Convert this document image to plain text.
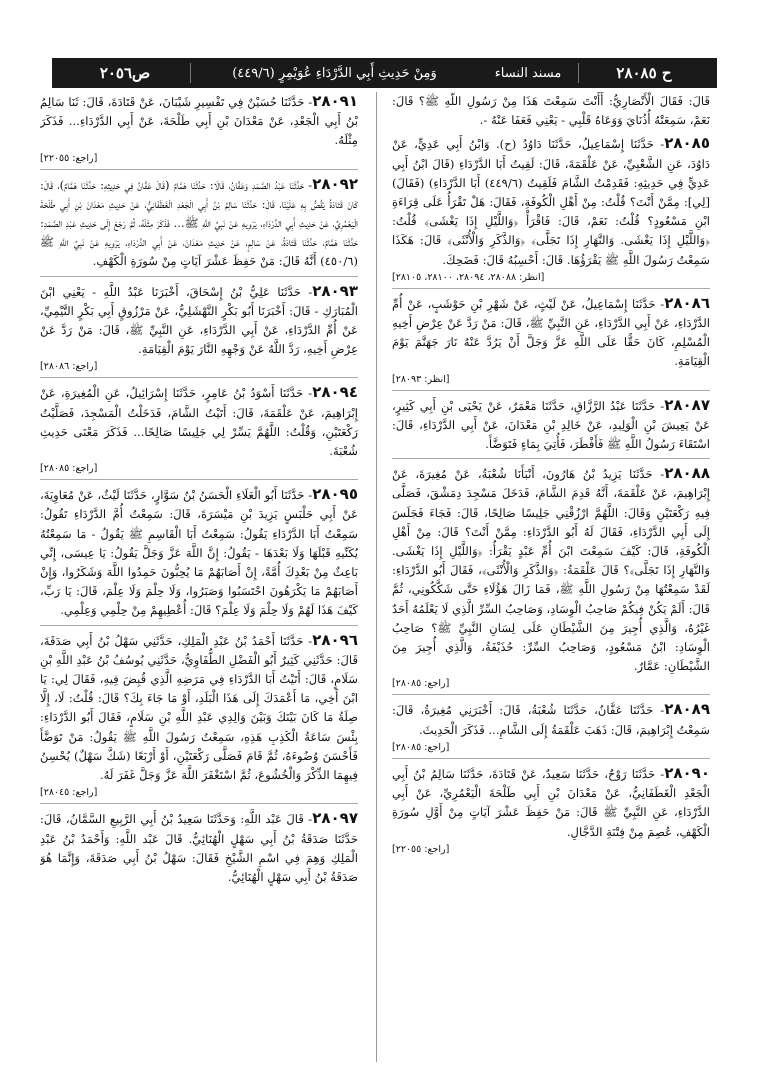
ح ٢٨٠٨٥
مسند النساء
وَمِنْ حَدِيثِ أَبِي الدَّرْدَاءِ عُوَيْمِرٍ (٤٤٩/٦)
ص٢٠٥٦
قَالَ: فَقَالَ الْأَنْصَارِيُّ: أَأَنْتَ سَمِعْتَ هَذَا مِنْ رَسُولِ اللَّهِ ﷺ؟ قَالَ: نَعَمْ، سَمِعَتْهُ أُذُنَايَ وَوَعَاهُ قَلْبِي - يَعْنِي فَعَفَا عَنْهُ -.
٢٨٠٨٥- حَدَّثَنَا إِسْمَاعِيلُ، حَدَّثَنَا دَاوُدُ (ح). وَابْنُ أَبِي عَدِيٍّ، عَنْ دَاوُدَ، عَنِ الشَّعْبِيِّ، عَنْ عَلْقَمَةَ، قَالَ: لَقِيتُ أَبَا الدَّرْدَاءِ (قَالَ ابْنُ أَبِي عَدِيٍّ فِي حَدِيثِهِ: فَقَدِمْتُ الشَّامَ فَلَقِيتُ (٤٤٩/٦) أَبَا الدَّرْدَاءِ) (فَقَالَ) [لِي]: مِمَّنْ أَنْتَ؟ قُلْتُ: مِنْ أَهْلِ الْكُوفَةِ، فَقَالَ: هَلْ تَقْرَأُ عَلَى قِرَاءَةِ ابْنِ مَسْعُودٍ؟ قُلْتُ: نَعَمْ، قَالَ: فَاقْرَأْ ﴿وَاللَّيْلِ إِذَا يَغْشَى﴾ قُلْتُ: ﴿وَاللَّيْلِ إِذَا يَغْشَى. وَالنَّهَارِ إِذَا تَجَلَّى﴾ ﴿وَالذَّكَرِ وَالْأُنْثَى﴾ قَالَ: هَكَذَا سَمِعْتُ رَسُولَ اللَّهِ ﷺ يَقْرَؤُهَا. قَالَ: أَحْسِبُهُ قَالَ: فَضَحِكَ.
[انظر: ٢٨٠٨٨، ٢٨٠٩٤، ٢٨١٠٠، ٢٨١٠٥]
٢٨٠٨٦- حَدَّثَنَا إِسْمَاعِيلُ، عَنْ لَيْثٍ، عَنْ شَهْرِ بْنِ حَوْشَبٍ، عَنْ أُمِّ الدَّرْدَاءِ، عَنْ أَبِي الدَّرْدَاءِ، عَنِ النَّبِيِّ ﷺ، قَالَ: مَنْ رَدَّ عَنْ عِرْضِ أَخِيهِ الْمُسْلِمِ، كَانَ حَقًّا عَلَى اللَّهِ عَزَّ وَجَلَّ أَنْ يَرُدَّ عَنْهُ نَارَ جَهَنَّمَ يَوْمَ الْقِيَامَةِ.
[انظر: ٢٨٠٩٣]
٢٨٠٨٧- حَدَّثَنَا عَبْدُ الرَّزَّاقِ، حَدَّثَنَا مَعْمَرٌ، عَنْ يَحْيَى بْنِ أَبِي كَثِيرٍ، عَنْ يَعِيشَ بْنِ الْوَلِيدِ، عَنْ خَالِدِ بْنِ مَعْدَانَ، عَنْ أَبِي الدَّرْدَاءِ، قَالَ: اسْتَقَاءَ رَسُولُ اللَّهِ ﷺ فَأَفْطَرَ، فَأُتِيَ بِمَاءٍ فَتَوَضَّأَ.
٢٨٠٨٨- حَدَّثَنَا يَزِيدُ بْنُ هَارُونَ، أَنْبَأَنَا شُعْبَةُ، عَنْ مُغِيرَةَ، عَنْ إِبْرَاهِيمَ، عَنْ عَلْقَمَةَ، أَنَّهُ قَدِمَ الشَّامَ، فَدَخَلَ مَسْجِدَ دِمَشْقَ، فَصَلَّى فِيهِ رَكْعَتَيْنِ وَقَالَ: اللَّهُمَّ ارْزُقْنِي جَلِيسًا صَالِحًا، قَالَ: فَجَاءَ فَجَلَسَ إِلَى أَبِي الدَّرْدَاءِ، فَقَالَ لَهُ أَبُو الدَّرْدَاءِ: مِمَّنْ أَنْتَ؟ قَالَ: مِنْ أَهْلِ الْكُوفَةِ، قَالَ: كَيْفَ سَمِعْتَ ابْنَ أُمِّ عَبْدٍ يَقْرَأُ: ﴿وَاللَّيْلِ إِذَا يَغْشَى. وَالنَّهَارِ إِذَا تَجَلَّى﴾؟ قَالَ عَلْقَمَةُ: ﴿وَالذَّكَرِ وَالْأُنْثَى﴾، فَقَالَ أَبُو الدَّرْدَاءِ: لَقَدْ سَمِعْتُهَا مِنْ رَسُولِ اللَّهِ ﷺ، فَمَا زَالَ هَؤُلَاءِ حَتَّى شَكَّكُونِي، ثُمَّ قَالَ: أَلَمْ يَكُنْ فِيكُمْ صَاحِبُ الْوِسَادِ، وَصَاحِبُ السِّرِّ الَّذِي لَا يَعْلَمُهُ أَحَدٌ غَيْرُهُ، وَالَّذِي أُجِيرَ مِنَ الشَّيْطَانِ عَلَى لِسَانِ النَّبِيِّ ﷺ؟ صَاحِبُ الْوِسَادِ: ابْنُ مَسْعُودٍ، وَصَاحِبُ السِّرِّ: حُذَيْفَةُ، وَالَّذِي أُجِيرَ مِنَ الشَّيْطَانِ: عَمَّارٌ.
[راجع: ٢٨٠٨٥]
٢٨٠٨٩- حَدَّثَنَا عَفَّانُ، حَدَّثَنَا شُعْبَةُ، قَالَ: أَخْبَرَنِي مُغِيرَةُ، قَالَ: سَمِعْتُ إِبْرَاهِيمَ، قَالَ: ذَهَبَ عَلْقَمَةُ إِلَى الشَّامِ... فَذَكَرَ الْحَدِيثَ.
[راجع: ٢٨٠٨٥]
٢٨٠٩٠- حَدَّثَنَا رَوْحٌ، حَدَّثَنَا سَعِيدٌ، عَنْ قَتَادَةَ، حَدَّثَنَا سَالِمُ بْنُ أَبِي الْجَعْدِ الْغَطَفَانِيُّ، عَنْ مَعْدَانَ بْنِ أَبِي طَلْحَةَ الْيَعْمُرِيِّ، عَنْ أَبِي الدَّرْدَاءِ، عَنِ النَّبِيِّ ﷺ قَالَ: مَنْ حَفِظَ عَشْرَ آيَاتٍ مِنْ أَوَّلِ سُورَةِ الْكَهْفِ، عُصِمَ مِنْ فِتْنَةِ الدَّجَّالِ.
[راجع: ٢٢٠٥٥]
٢٨٠٩١- حَدَّثَنَا حُسَيْنٌ فِي تَفْسِيرِ شَيْبَانَ، عَنْ قَتَادَةَ، قَالَ: ثَنَا سَالِمُ بْنُ أَبِي الْجَعْدِ، عَنْ مَعْدَانَ بْنِ أَبِي طَلْحَةَ، عَنْ أَبِي الدَّرْدَاءِ... فَذَكَرَ مِثْلَهُ.
[راجع: ٢٢٠٥٥]
٢٨٠٩٢- حَدَّثَنَا عَبْدُ الصَّمَدِ وَعَفَّانُ، قَالَا: حَدَّثَنَا هَمَّامٌ (قَالَ عَفَّانُ فِي حَدِيثِهِ: حَدَّثَنَا هَمَّامٌ)، قَالَ: كَانَ قَتَادَةُ يَقُصُّ بِهِ عَلَيْنَا، قَالَ: حَدَّثَنَا سَالِمُ بْنُ أَبِي الْجَعْدِ الْغَطَفَانِيُّ، عَنْ حَدِيثِ مَعْدَانَ بْنِ أَبِي طَلْحَةَ الْيَعْمُرِيِّ، عَنْ حَدِيثِ أَبِي الدَّرْدَاءِ، يَرْوِيهِ عَنْ نَبِيِّ اللَّهِ ﷺ... فَذَكَرَ مِثْلَهُ، ثُمَّ رَجَعَ إِلَى حَدِيثِ عَبْدِ الصَّمَدِ: حَدَّثَنَا هَمَّامٌ، حَدَّثَنَا قَتَادَةُ، عَنْ سَالِمٍ، عَنْ حَدِيثِ مَعْدَانَ، عَنْ أَبِي الدَّرْدَاءِ، يَرْوِيهِ عَنْ نَبِيِّ اللَّهِ ﷺ (٤٥٠/٦) أَنَّهُ قَالَ: مَنْ حَفِظَ عَشْرَ آيَاتٍ مِنْ سُورَةِ الْكَهْفِ.
٢٨٠٩٣- حَدَّثَنَا عَلِيُّ بْنُ إِسْحَاقَ، أَخْبَرَنَا عَبْدُ اللَّهِ - يَعْنِي ابْنَ الْمُبَارَكِ - قَالَ: أَخْبَرَنَا أَبُو بَكْرٍ النَّهْشَلِيُّ، عَنْ مَرْزُوقٍ أَبِي بَكْرٍ التَّيْمِيِّ، عَنْ أُمِّ الدَّرْدَاءِ، عَنْ أَبِي الدَّرْدَاءِ، عَنِ النَّبِيِّ ﷺ، قَالَ: مَنْ رَدَّ عَنْ عِرْضِ أَخِيهِ، رَدَّ اللَّهُ عَنْ وَجْهِهِ النَّارَ يَوْمَ الْقِيَامَةِ.
[راجع: ٢٨٠٨٦]
٢٨٠٩٤- حَدَّثَنَا أَسْوَدُ بْنُ عَامِرٍ، حَدَّثَنَا إِسْرَائِيلُ، عَنِ الْمُغِيرَةِ، عَنْ إِبْرَاهِيمَ، عَنْ عَلْقَمَةَ، قَالَ: أَتَيْتُ الشَّامَ، فَدَخَلْتُ الْمَسْجِدَ، فَصَلَّيْتُ رَكْعَتَيْنِ، وَقُلْتُ: اللَّهُمَّ يَسِّرْ لِي جَلِيسًا صَالِحًا... فَذَكَرَ مَعْنَى حَدِيثِ شُعْبَةَ.
[راجع: ٢٨٠٨٥]
٢٨٠٩٥- حَدَّثَنَا أَبُو الْعَلَاءِ الْحَسَنُ بْنُ سَوَّارٍ، حَدَّثَنَا لَيْثٌ، عَنْ مُعَاوِيَةَ، عَنْ أَبِي حَلْبَسٍ يَزِيدَ بْنِ مَيْسَرَةَ، قَالَ: سَمِعْتُ أُمَّ الدَّرْدَاءِ تَقُولُ: سَمِعْتُ أَبَا الدَّرْدَاءِ يَقُولُ: سَمِعْتُ أَبَا الْقَاسِمِ ﷺ يَقُولُ - مَا سَمِعْتُهُ يُكَنِّيهِ قَبْلَهَا وَلَا بَعْدَهَا - يَقُولُ: إِنَّ اللَّهَ عَزَّ وَجَلَّ يَقُولُ: يَا عِيسَى، إِنِّي بَاعِثٌ مِنْ بَعْدِكَ أُمَّةً، إِنْ أَصَابَهُمْ مَا يُحِبُّونَ حَمِدُوا اللَّهَ وَشَكَرُوا، وَإِنْ أَصَابَهُمْ مَا يَكْرَهُونَ احْتَسَبُوا وَصَبَرُوا، وَلَا حِلْمَ وَلَا عِلْمَ، قَالَ: يَا رَبِّ، كَيْفَ هَذَا لَهُمْ وَلَا حِلْمَ وَلَا عِلْمَ؟ قَالَ: أُعْطِيهِمْ مِنْ حِلْمِي وَعِلْمِي.
٢٨٠٩٦- حَدَّثَنَا أَحْمَدُ بْنُ عَبْدِ الْمَلِكِ، حَدَّثَنِي سَهْلُ بْنُ أَبِي صَدَقَةَ، قَالَ: حَدَّثَنِي كَثِيرٌ أَبُو الْفَضْلِ الطُّفَاوِيُّ، حَدَّثَنِي يُوسُفُ بْنُ عَبْدِ اللَّهِ بْنِ سَلَامٍ، قَالَ: أَتَيْتُ أَبَا الدَّرْدَاءِ فِي مَرَضِهِ الَّذِي قُبِضَ فِيهِ، فَقَالَ لِي: يَا ابْنَ أَخِي، مَا أَعْمَدَكَ إِلَى هَذَا الْبَلَدِ، أَوْ مَا جَاءَ بِكَ؟ قَالَ: قُلْتُ: لَا، إِلَّا صِلَةُ مَا كَانَ بَيْنَكَ وَبَيْنَ وَالِدِي عَبْدِ اللَّهِ بْنِ سَلَامٍ، فَقَالَ أَبُو الدَّرْدَاءِ: بِئْسَ سَاعَةُ الْكَذِبِ هَذِهِ، سَمِعْتُ رَسُولَ اللَّهِ ﷺ يَقُولُ: مَنْ تَوَضَّأَ فَأَحْسَنَ وُضُوءَهُ، ثُمَّ قَامَ فَصَلَّى رَكْعَتَيْنِ، أَوْ أَرْبَعًا (شَكَّ سَهْلٌ) يُحْسِنُ فِيهِمَا الذِّكْرَ وَالْخُشُوعَ، ثُمَّ اسْتَغْفَرَ اللَّهَ عَزَّ وَجَلَّ غَفَرَ لَهُ.
[راجع: ٢٨٠٤٥]
٢٨٠٩٧- قَالَ عَبْد اللَّهِ: وَحَدَّثَنَا سَعِيدُ بْنُ أَبِي الرَّبِيعِ السَّمَّانُ، قَالَ: حَدَّثَنَا صَدَقَةُ بْنُ أَبِي سَهْلٍ الْهُنَائِيُّ. قَالَ عَبْد اللَّهِ: وَأَحْمَدُ بْنُ عَبْدِ الْمَلِكِ وَهِمَ فِي اسْمِ الشَّيْخِ فَقَالَ: سَهْلُ بْنُ أَبِي صَدَقَةَ، وَإِنَّمَا هُوَ صَدَقَةُ بْنُ أَبِي سَهْلٍ الْهُنَائِيُّ.
